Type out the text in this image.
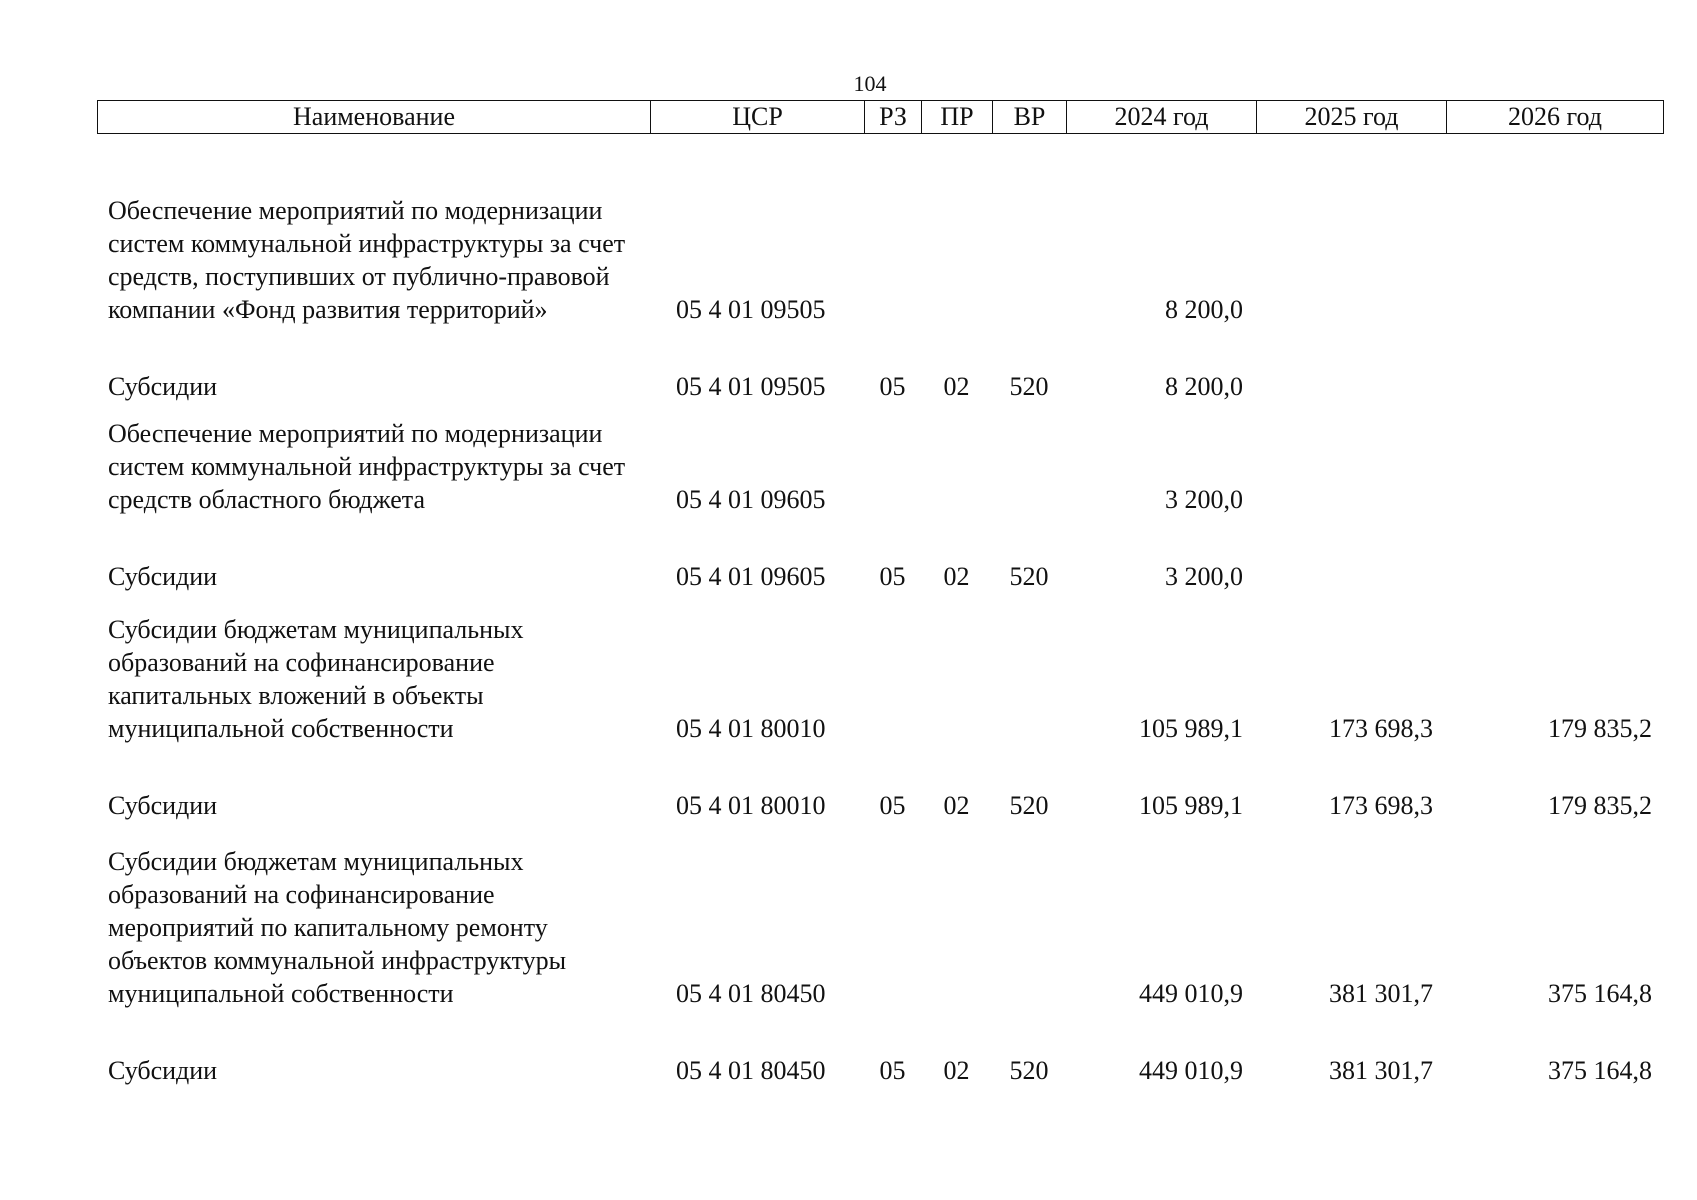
104
Наименование	ЦСР	РЗ	ПР	ВР	2024 год	2025 год	2026 год
Обеспечение мероприятий по модернизации систем коммунальной инфраструктуры за счет средств, поступивших от публично-правовой компании «Фонд развития территорий»	05 4 01 09505				8 200,0		
Субсидии	05 4 01 09505	05	02	520	8 200,0		
Обеспечение мероприятий по модернизации систем коммунальной инфраструктуры за счет средств областного бюджета	05 4 01 09605				3 200,0		
Субсидии	05 4 01 09605	05	02	520	3 200,0		
Субсидии бюджетам муниципальных образований на софинансирование капитальных вложений в объекты муниципальной собственности	05 4 01 80010				105 989,1	173 698,3	179 835,2
Субсидии	05 4 01 80010	05	02	520	105 989,1	173 698,3	179 835,2
Субсидии бюджетам муниципальных образований на софинансирование мероприятий по капитальному ремонту объектов коммунальной инфраструктуры муниципальной собственности	05 4 01 80450				449 010,9	381 301,7	375 164,8
Субсидии	05 4 01 80450	05	02	520	449 010,9	381 301,7	375 164,8
